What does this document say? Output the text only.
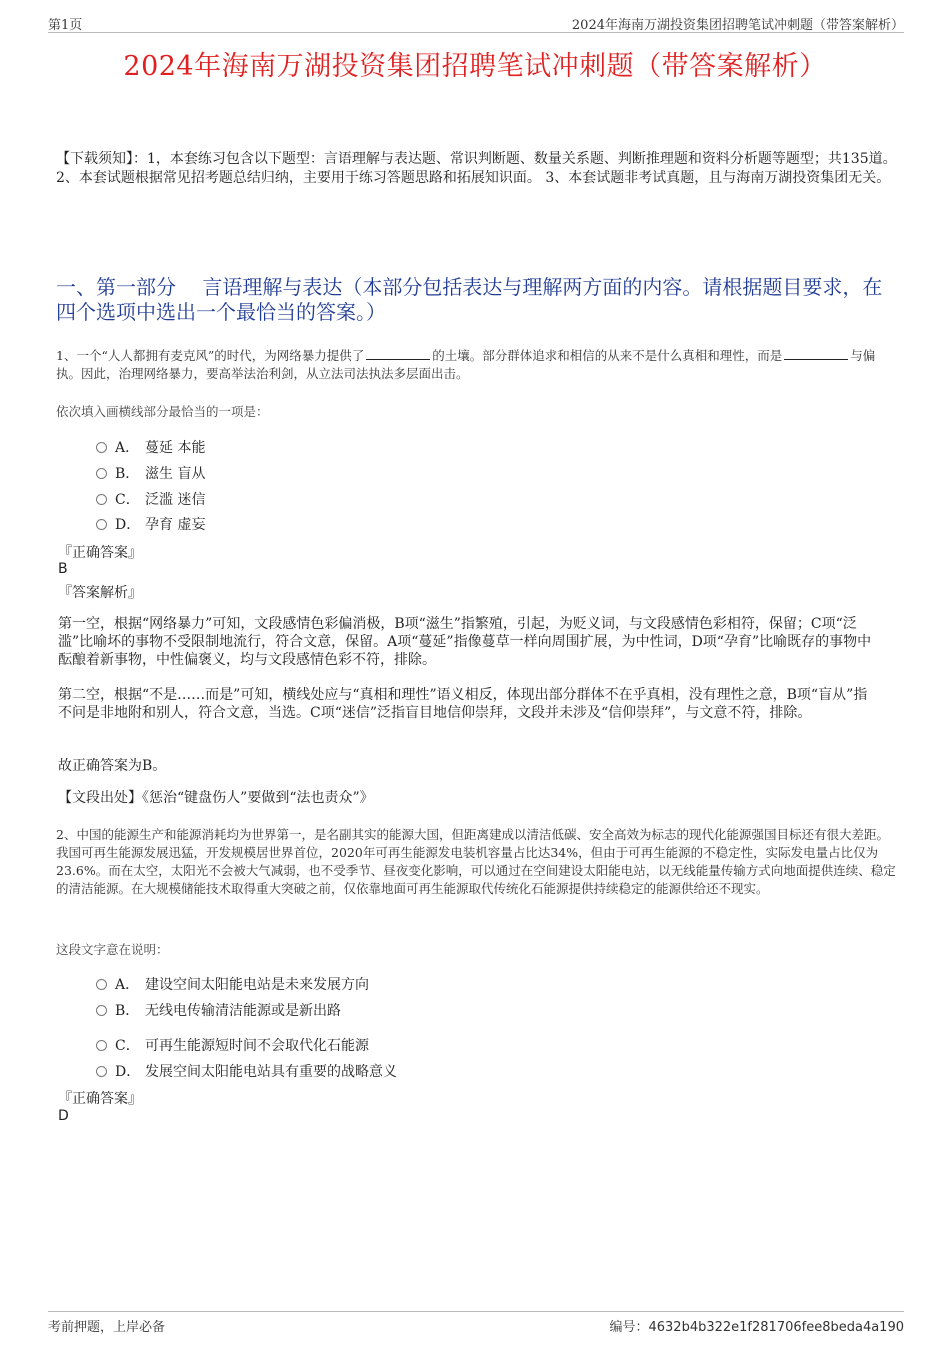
第1页	2024年海南万湖投资集团招聘笔试冲刺题（带答案解析）
2024年海南万湖投资集团招聘笔试冲刺题（带答案解析）
【下载须知】：1，本套练习包含以下题型：言语理解与表达题、常识判断题、数量关系题、判断推理题和资料分析题等题型；共135道。 2、本套试题根据常见招考题总结归纳，主要用于练习答题思路和拓展知识面。 3、本套试题非考试真题，且与海南万湖投资集团无关。
一、第一部分　 言语理解与表达（本部分包括表达与理解两方面的内容。请根据题目要求，在四个选项中选出一个最恰当的答案。）
1、一个“人人都拥有麦克风”的时代，为网络暴力提供了	的土壤。部分群体追求和相信的从来不是什么真相和理性，而是	与偏执。因此，治理网络暴力，要高举法治利剑，从立法司法执法多层面出击。
依次填入画横线部分最恰当的一项是：
A． 蔓延 本能
B． 滋生 盲从
C． 泛滥 迷信
D． 孕育 虚妄
『正确答案』
B
『答案解析』
第一空，根据“网络暴力”可知，文段感情色彩偏消极，B项“滋生”指繁殖，引起，为贬义词，与文段感情色彩相符，保留；C项“泛滥”比喻坏的事物不受限制地流行，符合文意，保留。A项“蔓延”指像蔓草一样向周围扩展，为中性词，D项“孕育”比喻既存的事物中酝酿着新事物，中性偏褒义，均与文段感情色彩不符，排除。
第二空，根据“不是……而是”可知，横线处应与“真相和理性”语义相反，体现出部分群体不在乎真相，没有理性之意，B项“盲从”指不问是非地附和别人，符合文意，当选。C项“迷信”泛指盲目地信仰崇拜，文段并未涉及“信仰崇拜”，与文意不符，排除。
故正确答案为B。
【文段出处】《惩治“键盘伤人”要做到“法也责众”》
2、中国的能源生产和能源消耗均为世界第一，是名副其实的能源大国，但距离建成以清洁低碳、安全高效为标志的现代化能源强国目标还有很大差距。我国可再生能源发展迅猛，开发规模居世界首位，2020年可再生能源发电装机容量占比达34%，但由于可再生能源的不稳定性，实际发电量占比仅为23.6%。而在太空，太阳光不会被大气减弱，也不受季节、昼夜变化影响，可以通过在空间建设太阳能电站，以无线能量传输方式向地面提供连续、稳定的清洁能源。在大规模储能技术取得重大突破之前，仅依靠地面可再生能源取代传统化石能源提供持续稳定的能源供给还不现实。
这段文字意在说明：
A． 建设空间太阳能电站是未来发展方向
B． 无线电传输清洁能源或是新出路
C． 可再生能源短时间不会取代化石能源
D． 发展空间太阳能电站具有重要的战略意义
『正确答案』
D
考前押题，上岸必备	编号：4632b4b322e1f281706fee8beda4a190
